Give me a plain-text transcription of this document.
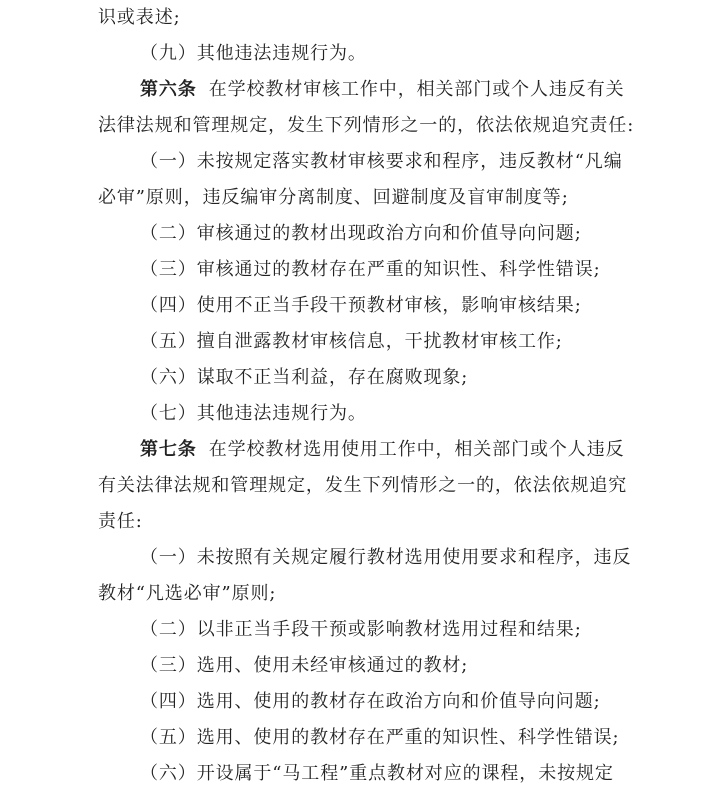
识或表述;
（九）其他违法违规行为。
第六条 在学校教材审核工作中，相关部门或个人违反有关
法律法规和管理规定，发生下列情形之一的，依法依规追究责任:
（一）未按规定落实教材审核要求和程序，违反教材“凡编
必审”原则，违反编审分离制度、回避制度及盲审制度等;
（二）审核通过的教材出现政治方向和价值导向问题;
（三）审核通过的教材存在严重的知识性、科学性错误;
（四）使用不正当手段干预教材审核，影响审核结果;
（五）擅自泄露教材审核信息，干扰教材审核工作;
（六）谋取不正当利益，存在腐败现象;
（七）其他违法违规行为。
第七条 在学校教材选用使用工作中，相关部门或个人违反
有关法律法规和管理规定，发生下列情形之一的，依法依规追究
责任:
（一）未按照有关规定履行教材选用使用要求和程序，违反
教材“凡选必审”原则;
（二）以非正当手段干预或影响教材选用过程和结果;
（三）选用、使用未经审核通过的教材;
（四）选用、使用的教材存在政治方向和价值导向问题;
（五）选用、使用的教材存在严重的知识性、科学性错误;
（六）开设属于“马工程”重点教材对应的课程，未按规定
